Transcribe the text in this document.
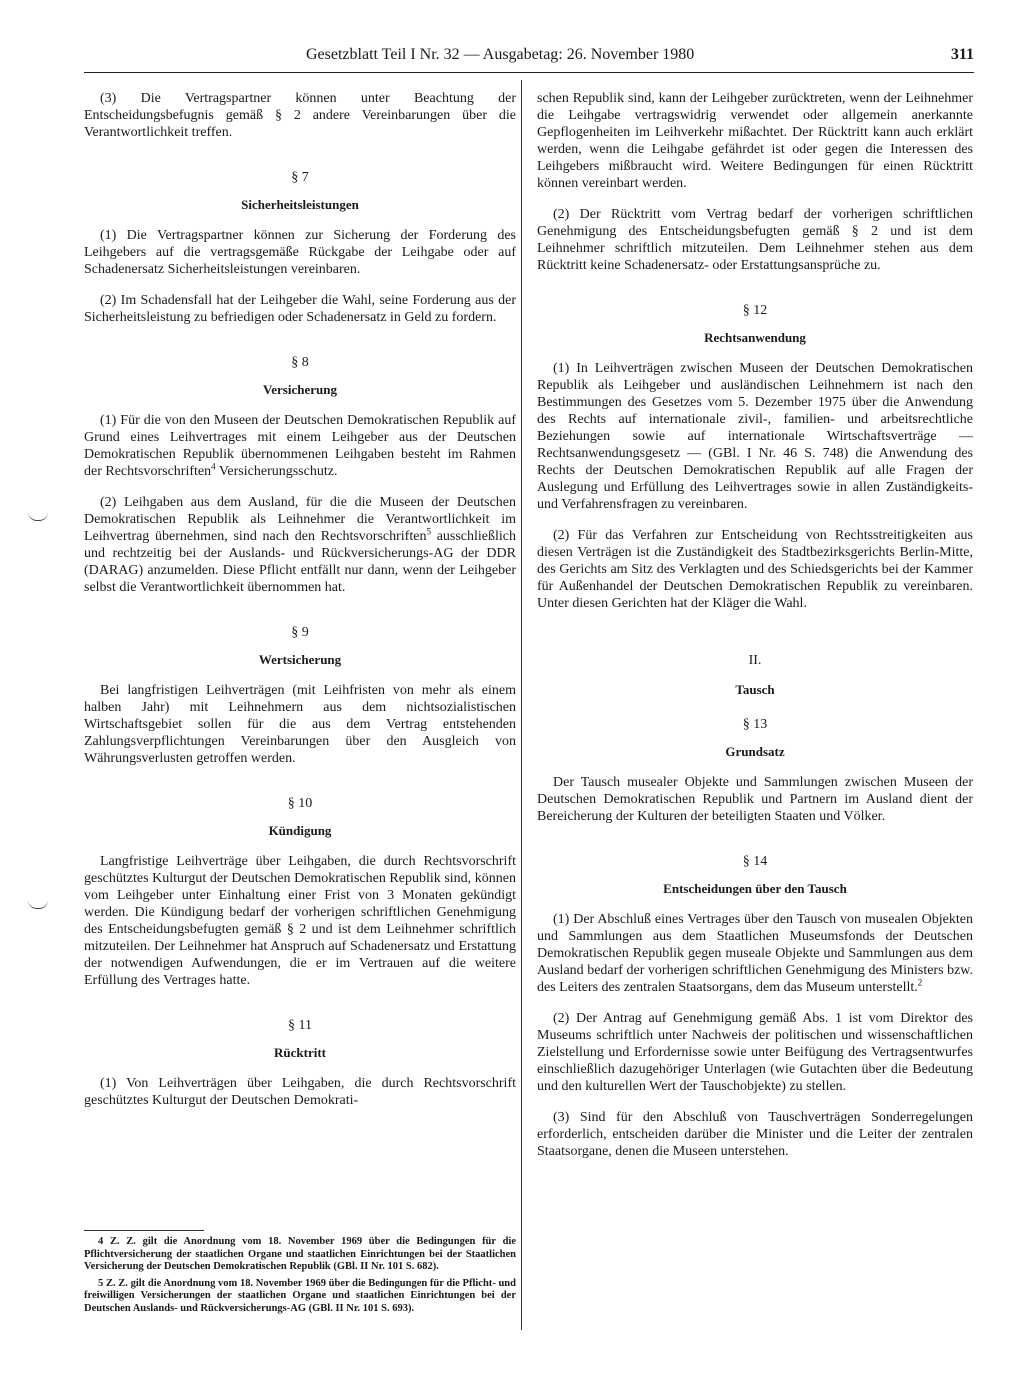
Gesetzblatt Teil I Nr. 32 — Ausgabetag: 26. November 1980	311

(3) Die Vertragspartner können unter Beachtung der Entscheidungsbefugnis gemäß § 2 andere Vereinbarungen über die Verantwortlichkeit treffen.

§ 7
Sicherheitsleistungen

(1) Die Vertragspartner können zur Sicherung der Forderung des Leihgebers auf die vertragsgemäße Rückgabe der Leihgabe oder auf Schadenersatz Sicherheitsleistungen vereinbaren.

(2) Im Schadensfall hat der Leihgeber die Wahl, seine Forderung aus der Sicherheitsleistung zu befriedigen oder Schadenersatz in Geld zu fordern.

§ 8
Versicherung

(1) Für die von den Museen der Deutschen Demokratischen Republik auf Grund eines Leihvertrages mit einem Leihgeber aus der Deutschen Demokratischen Republik übernommenen Leihgaben besteht im Rahmen der Rechtsvorschriften$^4$ Versicherungsschutz.

(2) Leihgaben aus dem Ausland, für die die Museen der Deutschen Demokratischen Republik als Leihnehmer die Verantwortlichkeit im Leihvertrag übernehmen, sind nach den Rechtsvorschriften$^5$ ausschließlich und rechtzeitig bei der Auslands- und Rückversicherungs-AG der DDR (DARAG) anzumelden. Diese Pflicht entfällt nur dann, wenn der Leihgeber selbst die Verantwortlichkeit übernommen hat.

§ 9
Wertsicherung

Bei langfristigen Leihverträgen (mit Leihfristen von mehr als einem halben Jahr) mit Leihnehmern aus dem nichtsozialistischen Wirtschaftsgebiet sollen für die aus dem Vertrag entstehenden Zahlungsverpflichtungen Vereinbarungen über den Ausgleich von Währungsverlusten getroffen werden.

§ 10
Kündigung

Langfristige Leihverträge über Leihgaben, die durch Rechtsvorschrift geschütztes Kulturgut der Deutschen Demokratischen Republik sind, können vom Leihgeber unter Einhaltung einer Frist von 3 Monaten gekündigt werden. Die Kündigung bedarf der vorherigen schriftlichen Genehmigung des Entscheidungsbefugten gemäß § 2 und ist dem Leihnehmer schriftlich mitzuteilen. Der Leihnehmer hat Anspruch auf Schadenersatz und Erstattung der notwendigen Aufwendungen, die er im Vertrauen auf die weitere Erfüllung des Vertrages hatte.

§ 11
Rücktritt

(1) Von Leihverträgen über Leihgaben, die durch Rechtsvorschrift geschütztes Kulturgut der Deutschen Demokrati-

4 Z. Z. gilt die Anordnung vom 18. November 1969 über die Bedingungen für die Pflichtversicherung der staatlichen Organe und staatlichen Einrichtungen bei der Staatlichen Versicherung der Deutschen Demokratischen Republik (GBl. II Nr. 101 S. 682).

5 Z. Z. gilt die Anordnung vom 18. November 1969 über die Bedingungen für die Pflicht- und freiwilligen Versicherungen der staatlichen Organe und staatlichen Einrichtungen bei der Deutschen Auslands- und Rückversicherungs-AG (GBl. II Nr. 101 S. 693).

schen Republik sind, kann der Leihgeber zurücktreten, wenn der Leihnehmer die Leihgabe vertragswidrig verwendet oder allgemein anerkannte Gepflogenheiten im Leihverkehr mißachtet. Der Rücktritt kann auch erklärt werden, wenn die Leihgabe gefährdet ist oder gegen die Interessen des Leihgebers mißbraucht wird. Weitere Bedingungen für einen Rücktritt können vereinbart werden.

(2) Der Rücktritt vom Vertrag bedarf der vorherigen schriftlichen Genehmigung des Entscheidungsbefugten gemäß § 2 und ist dem Leihnehmer schriftlich mitzuteilen. Dem Leihnehmer stehen aus dem Rücktritt keine Schadenersatz- oder Erstattungsansprüche zu.

§ 12
Rechtsanwendung

(1) In Leihverträgen zwischen Museen der Deutschen Demokratischen Republik als Leihgeber und ausländischen Leihnehmern ist nach den Bestimmungen des Gesetzes vom 5. Dezember 1975 über die Anwendung des Rechts auf internationale zivil-, familien- und arbeitsrechtliche Beziehungen sowie auf internationale Wirtschaftsverträge — Rechtsanwendungsgesetz — (GBl. I Nr. 46 S. 748) die Anwendung des Rechts der Deutschen Demokratischen Republik auf alle Fragen der Auslegung und Erfüllung des Leihvertrages sowie in allen Zuständigkeits- und Verfahrensfragen zu vereinbaren.

(2) Für das Verfahren zur Entscheidung von Rechtsstreitigkeiten aus diesen Verträgen ist die Zuständigkeit des Stadtbezirksgerichts Berlin-Mitte, des Gerichts am Sitz des Verklagten und des Schiedsgerichts bei der Kammer für Außenhandel der Deutschen Demokratischen Republik zu vereinbaren. Unter diesen Gerichten hat der Kläger die Wahl.

II.
Tausch
§ 13
Grundsatz

Der Tausch musealer Objekte und Sammlungen zwischen Museen der Deutschen Demokratischen Republik und Partnern im Ausland dient der Bereicherung der Kulturen der beteiligten Staaten und Völker.

§ 14
Entscheidungen über den Tausch

(1) Der Abschluß eines Vertrages über den Tausch von musealen Objekten und Sammlungen aus dem Staatlichen Museumsfonds der Deutschen Demokratischen Republik gegen museale Objekte und Sammlungen aus dem Ausland bedarf der vorherigen schriftlichen Genehmigung des Ministers bzw. des Leiters des zentralen Staatsorgans, dem das Museum unterstellt.$^2$

(2) Der Antrag auf Genehmigung gemäß Abs. 1 ist vom Direktor des Museums schriftlich unter Nachweis der politischen und wissenschaftlichen Zielstellung und Erfordernisse sowie unter Beifügung des Vertragsentwurfes einschließlich dazugehöriger Unterlagen (wie Gutachten über die Bedeutung und den kulturellen Wert der Tauschobjekte) zu stellen.

(3) Sind für den Abschluß von Tauschverträgen Sonderregelungen erforderlich, entscheiden darüber die Minister und die Leiter der zentralen Staatsorgane, denen die Museen unterstehen.
